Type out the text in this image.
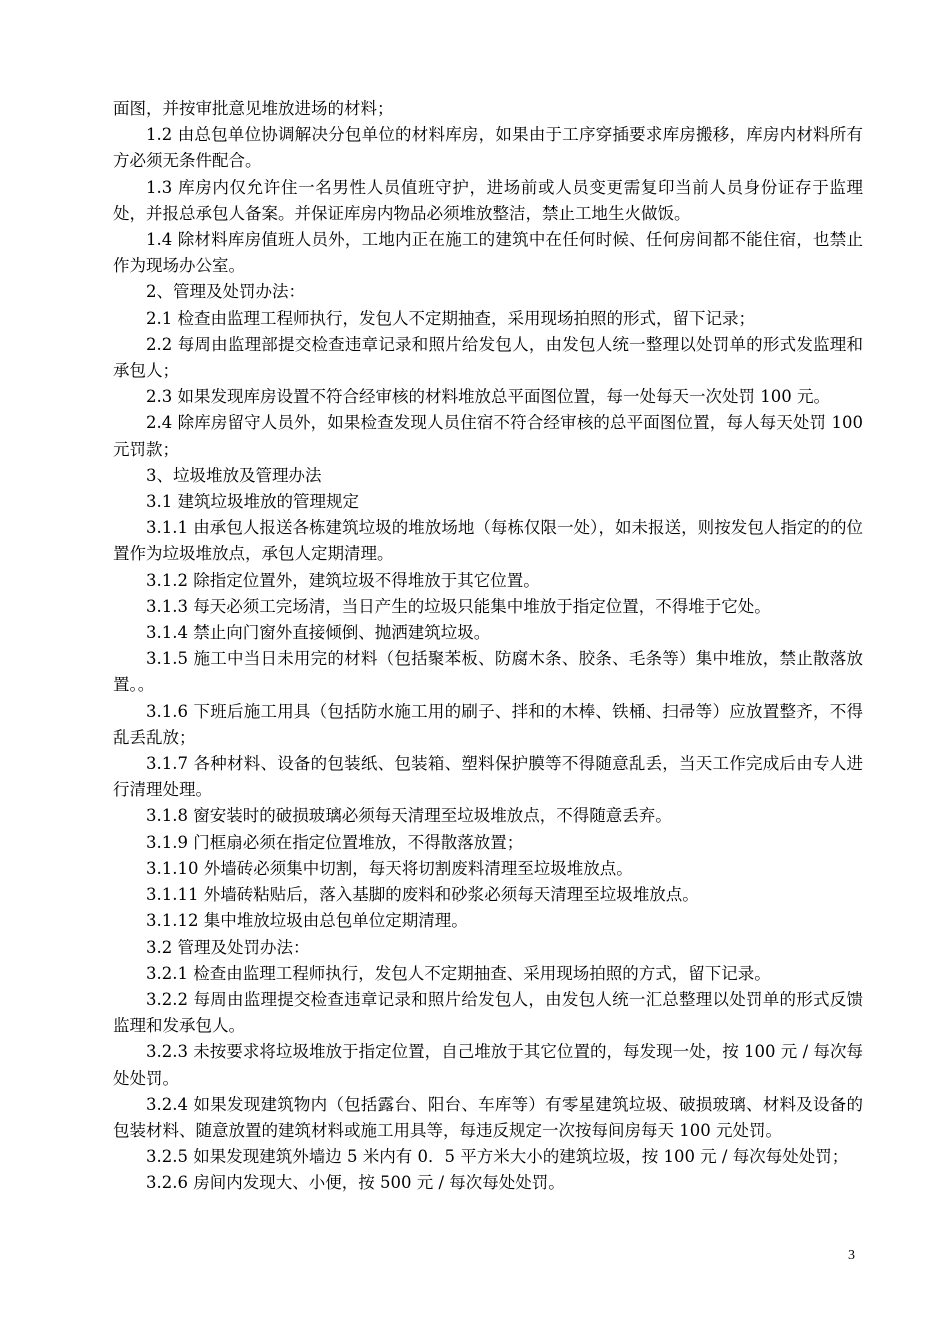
面图，并按审批意见堆放进场的材料；

1.2 由总包单位协调解决分包单位的材料库房，如果由于工序穿插要求库房搬移，库房内材料所有方必须无条件配合。

1.3 库房内仅允许住一名男性人员值班守护，进场前或人员变更需复印当前人员身份证存于监理处，并报总承包人备案。并保证库房内物品必须堆放整洁，禁止工地生火做饭。

1.4 除材料库房值班人员外，工地内正在施工的建筑中在任何时候、任何房间都不能住宿，也禁止作为现场办公室。

2、管理及处罚办法：

2.1 检查由监理工程师执行，发包人不定期抽查，采用现场拍照的形式，留下记录；

2.2 每周由监理部提交检查违章记录和照片给发包人，由发包人统一整理以处罚单的形式发监理和承包人；

2.3 如果发现库房设置不符合经审核的材料堆放总平面图位置，每一处每天一次处罚 100 元。

2.4 除库房留守人员外，如果检查发现人员住宿不符合经审核的总平面图位置，每人每天处罚 100 元罚款；

3、垃圾堆放及管理办法

3.1 建筑垃圾堆放的管理规定

3.1.1 由承包人报送各栋建筑垃圾的堆放场地（每栋仅限一处），如未报送，则按发包人指定的的位置作为垃圾堆放点，承包人定期清理。

3.1.2 除指定位置外，建筑垃圾不得堆放于其它位置。

3.1.3 每天必须工完场清，当日产生的垃圾只能集中堆放于指定位置，不得堆于它处。

3.1.4 禁止向门窗外直接倾倒、抛洒建筑垃圾。

3.1.5 施工中当日未用完的材料（包括聚苯板、防腐木条、胶条、毛条等）集中堆放，禁止散落放置。。

3.1.6 下班后施工用具（包括防水施工用的刷子、拌和的木棒、铁桶、扫帚等）应放置整齐，不得乱丢乱放；

3.1.7 各种材料、设备的包装纸、包装箱、塑料保护膜等不得随意乱丢，当天工作完成后由专人进行清理处理。

3.1.8 窗安装时的破损玻璃必须每天清理至垃圾堆放点，不得随意丢弃。

3.1.9 门框扇必须在指定位置堆放，不得散落放置；

3.1.10 外墙砖必须集中切割，每天将切割废料清理至垃圾堆放点。

3.1.11 外墙砖粘贴后，落入基脚的废料和砂浆必须每天清理至垃圾堆放点。

3.1.12 集中堆放垃圾由总包单位定期清理。

3.2 管理及处罚办法：

3.2.1 检查由监理工程师执行，发包人不定期抽查、采用现场拍照的方式，留下记录。

3.2.2 每周由监理提交检查违章记录和照片给发包人，由发包人统一汇总整理以处罚单的形式反馈监理和发承包人。

3.2.3 未按要求将垃圾堆放于指定位置，自己堆放于其它位置的，每发现一处，按 100 元 / 每次每处处罚。

3.2.4 如果发现建筑物内（包括露台、阳台、车库等）有零星建筑垃圾、破损玻璃、材料及设备的包装材料、随意放置的建筑材料或施工用具等，每违反规定一次按每间房每天 100 元处罚。

3.2.5 如果发现建筑外墙边 5 米内有 0．5 平方米大小的建筑垃圾，按 100 元 / 每次每处处罚；

3.2.6 房间内发现大、小便，按 500 元 / 每次每处处罚。

3
